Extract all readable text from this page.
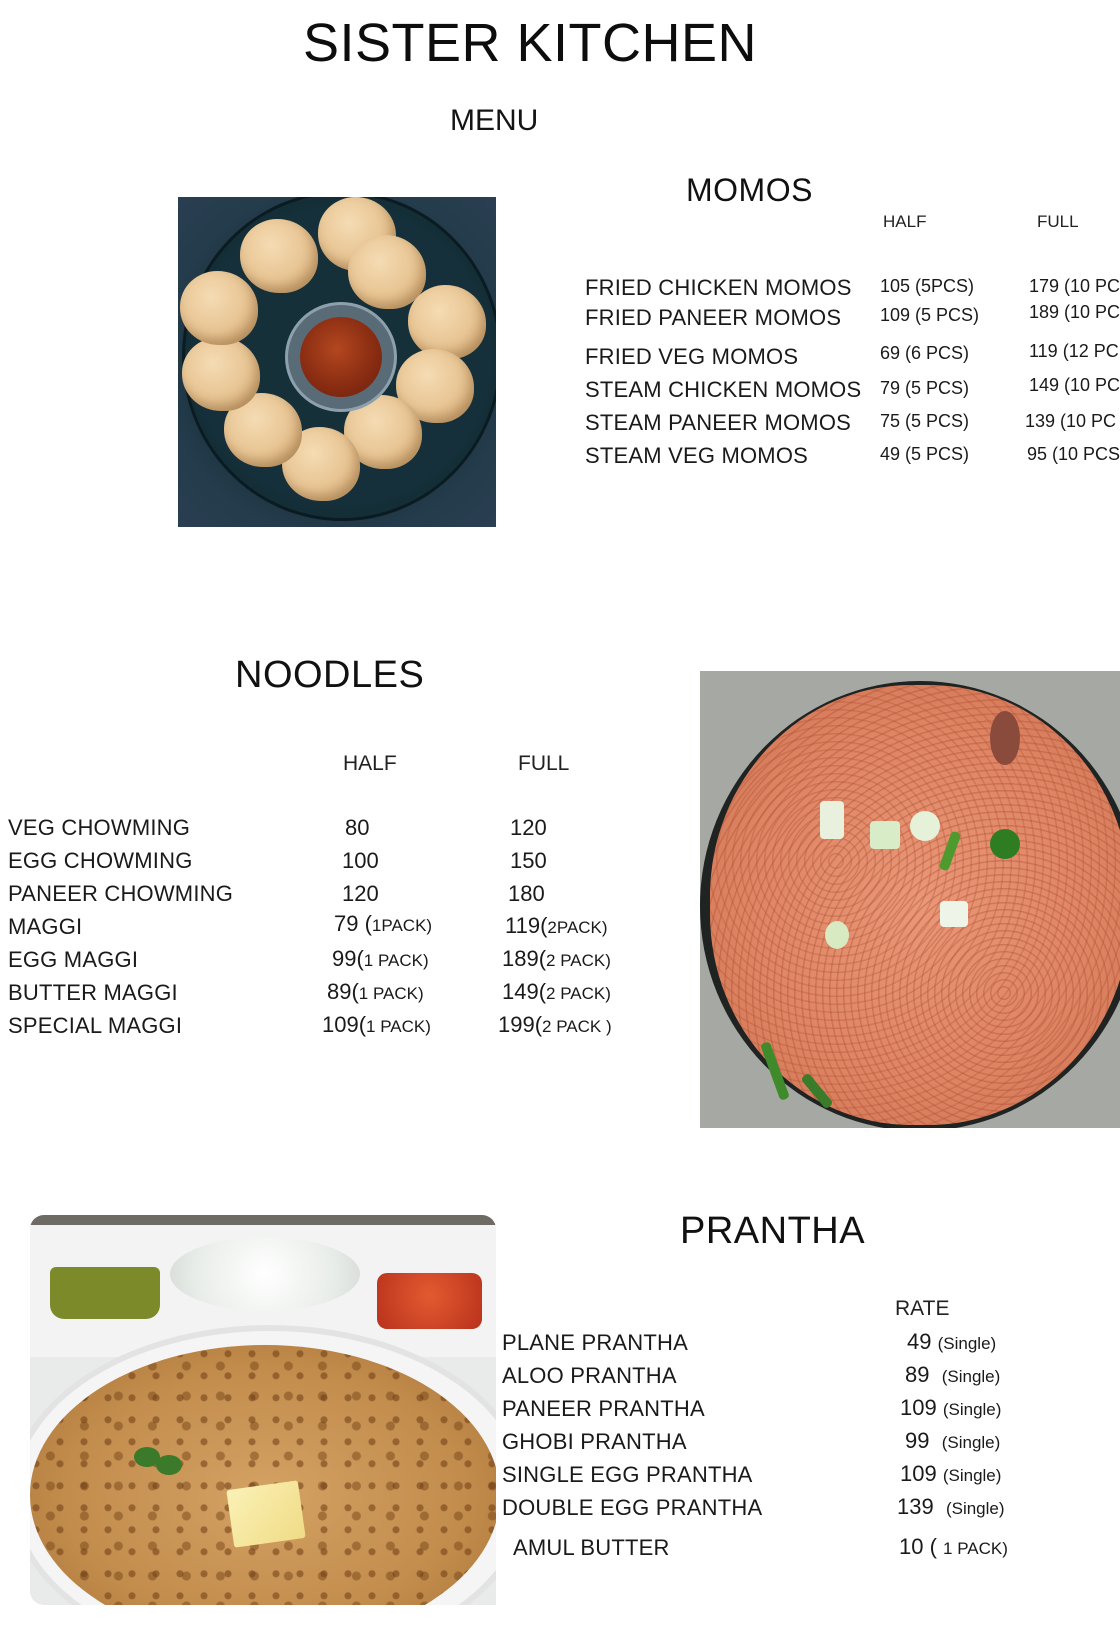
SISTER KITCHEN
MENU
MOMOS
HALF	FULL
FRIED CHICKEN MOMOS 105 (5PCS)	179 (10 PC
FRIED PANEER MOMOS 109 (5 PCS)	189 (10 PC
FRIED VEG MOMOS	69 (6 PCS)	119 (12 PC
STEAM CHICKEN MOMOS 79 (5 PCS)	149 (10 PC
STEAM PANEER MOMOS 75 (5 PCS)	139 (10 PC
STEAM VEG MOMOS	49 (5 PCS)	95 (10 PCS
NOODLES
HALF	FULL
VEG CHOWMING	80	120
EGG CHOWMING	100	150
PANEER CHOWMING	120	180
MAGGI	79 (1PACK)	119(2PACK)
EGG MAGGI	99(1 PACK)	189(2 PACK)
BUTTER MAGGI	89(1 PACK)	149(2 PACK)
SPECIAL MAGGI	109(1 PACK)	199(2 PACK )
PRANTHA
RATE
PLANE PRANTHA	49 (Single)
ALOO PRANTHA	89 (Single)
PANEER PRANTHA	109 (Single)
GHOBI PRANTHA	99 (Single)
SINGLE EGG PRANTHA	109 (Single)
DOUBLE EGG PRANTHA	139 (Single)
AMUL BUTTER	10 ( 1 PACK)
